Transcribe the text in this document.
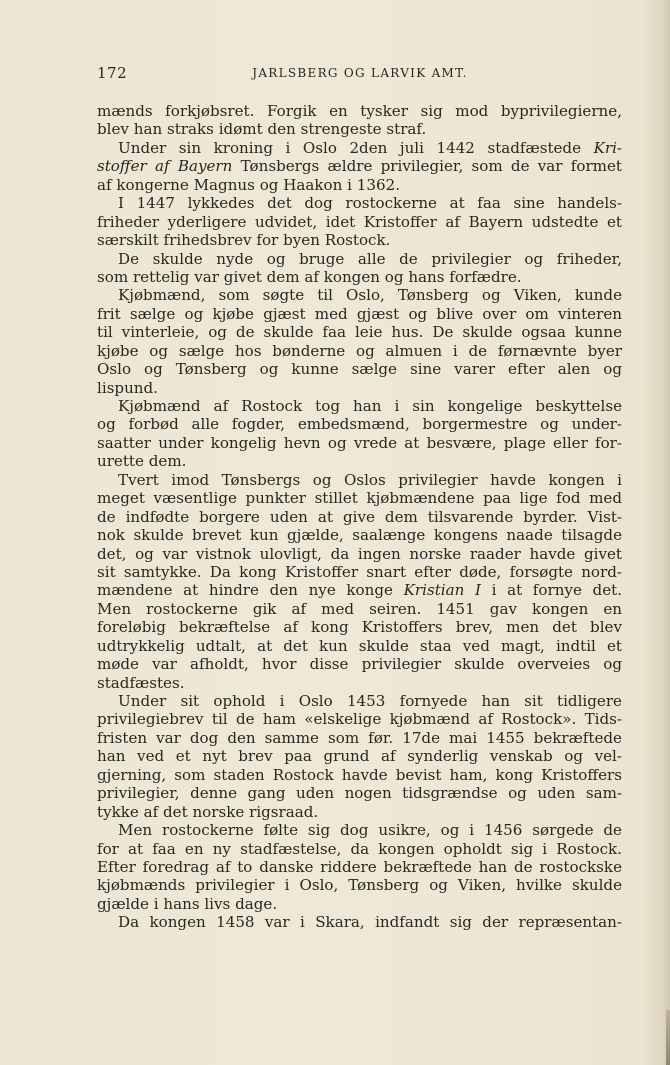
172	JARLSBERG OG LARVIK AMT.
mænds forkjøbsret. Forgik en tysker sig mod byprivilegierne,
blev han straks idømt den strengeste straf.
Under sin kroning i Oslo 2den juli 1442 stadfæstede Kri-
stoffer af Bayern Tønsbergs ældre privilegier, som de var formet
af kongerne Magnus og Haakon i 1362.
I 1447 lykkedes det dog rostockerne at faa sine handels-
friheder yderligere udvidet, idet Kristoffer af Bayern udstedte et
særskilt frihedsbrev for byen Rostock.
De skulde nyde og bruge alle de privilegier og friheder,
som rettelig var givet dem af kongen og hans forfædre.
Kjøbmænd, som søgte til Oslo, Tønsberg og Viken, kunde
frit sælge og kjøbe gjæst med gjæst og blive over om vinteren
til vinterleie, og de skulde faa leie hus. De skulde ogsaa kunne
kjøbe og sælge hos bønderne og almuen i de førnævnte byer
Oslo og Tønsberg og kunne sælge sine varer efter alen og
lispund.
Kjøbmænd af Rostock tog han i sin kongelige beskyttelse
og forbød alle fogder, embedsmænd, borgermestre og under-
saatter under kongelig hevn og vrede at besvære, plage eller for-
urette dem.
Tvert imod Tønsbergs og Oslos privilegier havde kongen i
meget væsentlige punkter stillet kjøbmændene paa lige fod med
de indfødte borgere uden at give dem tilsvarende byrder. Vist-
nok skulde brevet kun gjælde, saalænge kongens naade tilsagde
det, og var vistnok ulovligt, da ingen norske raader havde givet
sit samtykke. Da kong Kristoffer snart efter døde, forsøgte nord-
mændene at hindre den nye konge Kristian I i at fornye det.
Men rostockerne gik af med seiren. 1451 gav kongen en
foreløbig bekræftelse af kong Kristoffers brev, men det blev
udtrykkelig udtalt, at det kun skulde staa ved magt, indtil et
møde var afholdt, hvor disse privilegier skulde overveies og
stadfæstes.
Under sit ophold i Oslo 1453 fornyede han sit tidligere
privilegiebrev til de ham «elskelige kjøbmænd af Rostock». Tids-
fristen var dog den samme som før. 17de mai 1455 bekræftede
han ved et nyt brev paa grund af synderlig venskab og vel-
gjerning, som staden Rostock havde bevist ham, kong Kristoffers
privilegier, denne gang uden nogen tidsgrændse og uden sam-
tykke af det norske rigsraad.
Men rostockerne følte sig dog usikre, og i 1456 sørgede de
for at faa en ny stadfæstelse, da kongen opholdt sig i Rostock.
Efter foredrag af to danske riddere bekræftede han de rostockske
kjøbmænds privilegier i Oslo, Tønsberg og Viken, hvilke skulde
gjælde i hans livs dage.
Da kongen 1458 var i Skara, indfandt sig der repræsentan-
